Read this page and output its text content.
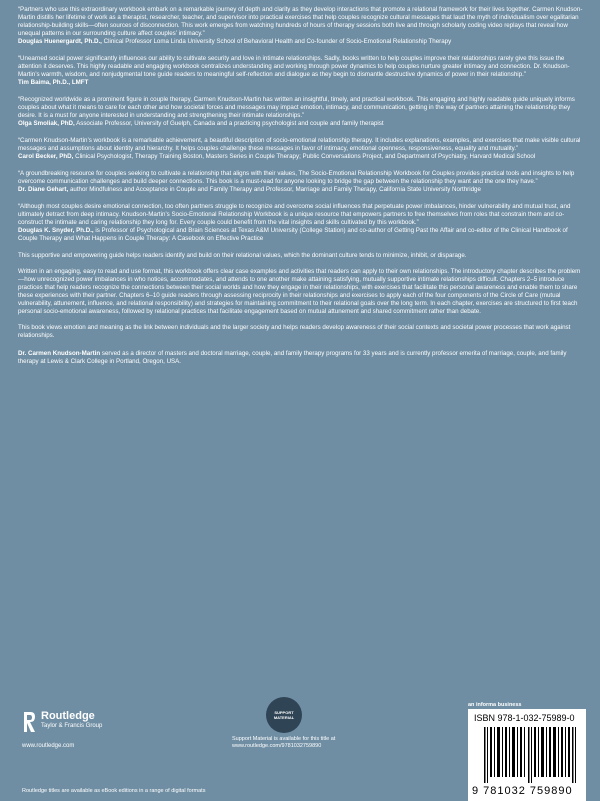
“Partners who use this extraordinary workbook embark on a remarkable journey of depth and clarity as they develop interactions that promote a relational framework for their lives together. Carmen Knudson-Martin distills her lifetime of work as a therapist, researcher, teacher, and supervisor into practical exercises that help couples recognize cultural messages that laud the myth of individualism over egalitarian relationship-building skills—often sources of disconnection. This work emerges from watching hundreds of hours of therapy sessions both live and through scholarly coding video replays that reveal how unequal patterns in our surrounding culture affect couples’ intimacy.”

Douglas Huenergardt, Ph.D., Clinical Professor Loma Linda University School of Behavioral Health and Co-founder of Socio-Emotional Relationship Therapy

“Unearned social power significantly influences our ability to cultivate security and love in intimate relationships. Sadly, books written to help couples improve their relationships rarely give this issue the attention it deserves. This highly readable and engaging workbook centralizes understanding and working through power dynamics to help couples nurture greater intimacy and connection. Dr. Knudson-Martin’s warmth, wisdom, and nonjudgmental tone guide readers to meaningful self-reflection and dialogue as they begin to dismantle destructive dynamics of power in their relationship.”

Tim Baima, Ph.D., LMFT

“Recognized worldwide as a prominent figure in couple therapy, Carmen Knudson-Martin has written an insightful, timely, and practical workbook. This engaging and highly readable guide uniquely informs couples about what it means to care for each other and how societal forces and messages may impact emotion, intimacy, and communication, getting in the way of partners attaining the relationship they desire. It is a must for anyone interested in understanding and strengthening their intimate relationships.”

Olga Smoliak, PhD, Associate Professor, University of Guelph, Canada and a practicing psychologist and couple and family therapist

“Carmen Knudson-Martin’s workbook is a remarkable achievement, a beautiful description of socio-emotional relationship therapy. It includes explanations, examples, and exercises that make visible cultural messages and assumptions about identity and hierarchy. It helps couples challenge these messages in favor of intimacy, emotional openness, responsiveness, equality and mutuality.”

Carol Becker, PhD, Clinical Psychologist, Therapy Training Boston, Masters Series in Couple Therapy; Public Conversations Project, and Department of Psychiatry, Harvard Medical School

“A groundbreaking resource for couples seeking to cultivate a relationship that aligns with their values, The Socio-Emotional Relationship Workbook for Couples provides practical tools and insights to help overcome communication challenges and build deeper connections. This book is a must-read for anyone looking to bridge the gap between the relationship they want and the one they have.”

Dr. Diane Gehart, author Mindfulness and Acceptance in Couple and Family Therapy and Professor, Marriage and Family Therapy, California State University Northridge

“Although most couples desire emotional connection, too often partners struggle to recognize and overcome social influences that perpetuate power imbalances, hinder vulnerability and mutual trust, and ultimately detract from deep intimacy. Knudson-Martin’s Socio-Emotional Relationship Workbook is a unique resource that empowers partners to free themselves from roles that constrain them and co-construct the intimate and caring relationship they long for. Every couple could benefit from the vital insights and skills cultivated by this workbook.”

Douglas K. Snyder, Ph.D., is Professor of Psychological and Brain Sciences at Texas A&M University (College Station) and co-author of Getting Past the Affair and co-editor of the Clinical Handbook of Couple Therapy and What Happens in Couple Therapy: A Casebook on Effective Practice

This supportive and empowering guide helps readers identify and build on their relational values, which the dominant culture tends to minimize, inhibit, or disparage.

Written in an engaging, easy to read and use format, this workbook offers clear case examples and activities that readers can apply to their own relationships. The introductory chapter describes the problem—how unrecognized power imbalances in who notices, accommodates, and attends to one another make attaining satisfying, mutually supportive intimate relationships difficult. Chapters 2–5 introduce practices that help readers recognize the connections between their social worlds and how they engage in their relationships, with exercises that facilitate this personal awareness and enable them to share these experiences with their partner. Chapters 6–10 guide readers through assessing reciprocity in their relationships and exercises to apply each of the four components of the Circle of Care (mutual vulnerability, attunement, influence, and relational responsibility) and strategies for maintaining commitment to their relational goals over the long term. In each chapter, exercises are structured to first teach personal socio-emotional awareness, followed by relational practices that facilitate engagement based on mutual attunement and shared commitment rather than debate.

This book views emotion and meaning as the link between individuals and the larger society and helps readers develop awareness of their social contexts and societal power processes that work against relationships.

Dr. Carmen Knudson-Martin served as a director of masters and doctoral marriage, couple, and family therapy programs for 33 years and is currently professor emerita of marriage, couple, and family therapy at Lewis & Clark College in Portland, Oregon, USA.

Routledge
Taylor & Francis Group
www.routledge.com
SUPPORT MATERIAL
Support Material is available for this title at www.routledge.com/9781032759890
an informa business
ISBN 978-1-032-75989-0
9 781032 759890
Routledge titles are available as eBook editions in a range of digital formats
